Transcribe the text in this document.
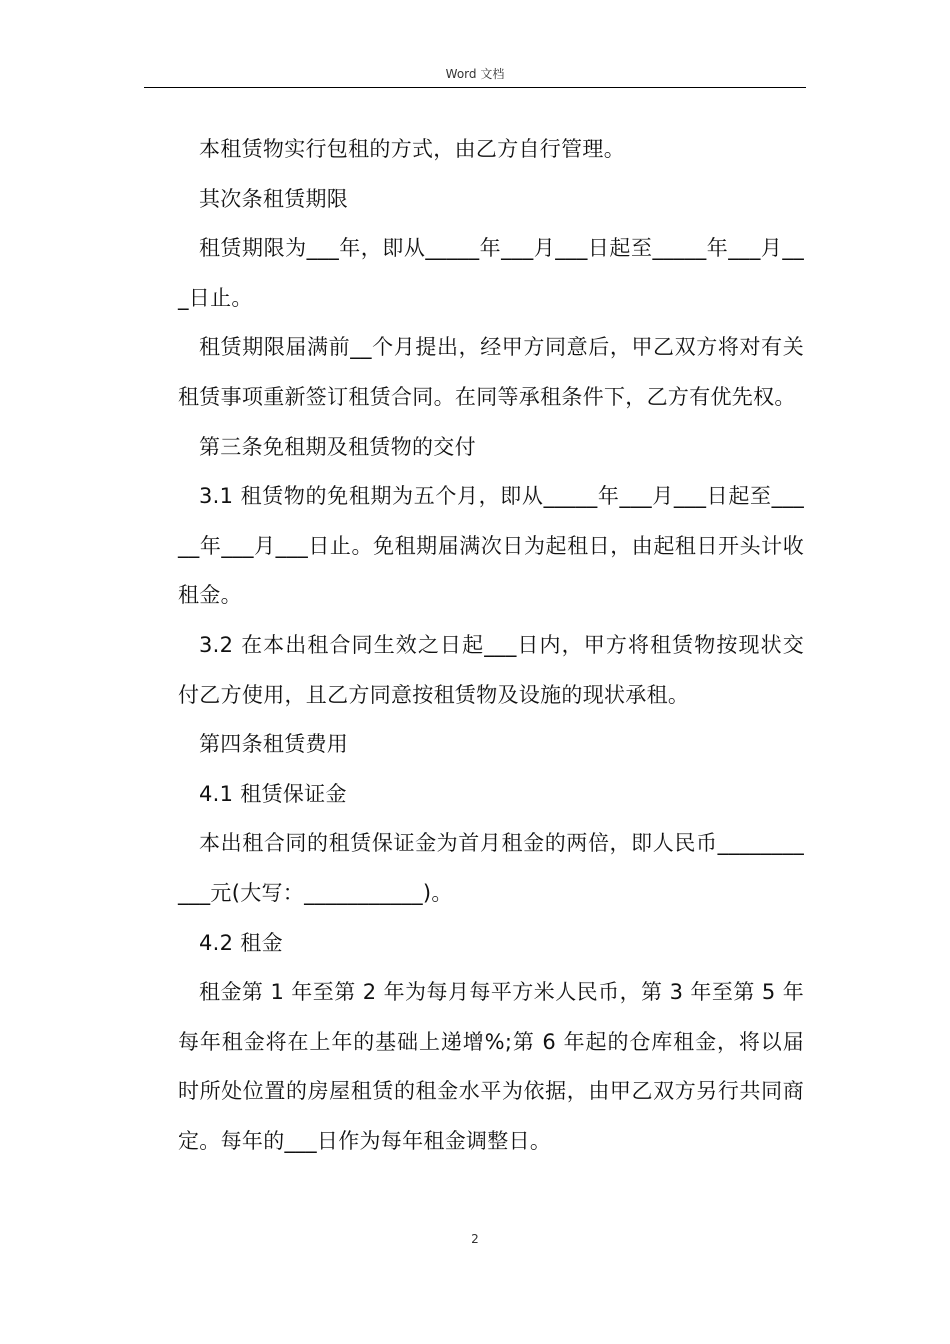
Word 文档

本租赁物实行包租的方式，由乙方自行管理。

其次条租赁期限

租赁期限为___年，即从_____年___月___日起至_____年___月___日止。

租赁期限届满前__个月提出，经甲方同意后，甲乙双方将对有关租赁事项重新签订租赁合同。在同等承租条件下，乙方有优先权。

第三条免租期及租赁物的交付

3.1 租赁物的免租期为五个月，即从_____年___月___日起至_____年___月___日止。免租期届满次日为起租日，由起租日开头计收租金。

3.2 在本出租合同生效之日起___日内，甲方将租赁物按现状交付乙方使用，且乙方同意按租赁物及设施的现状承租。

第四条租赁费用

4.1 租赁保证金

本出租合同的租赁保证金为首月租金的两倍，即人民币___________元(大写：___________)。

4.2 租金

租金第 1 年至第 2 年为每月每平方米人民币，第 3 年至第 5 年每年租金将在上年的基础上递增%;第 6 年起的仓库租金，将以届时所处位置的房屋租赁的租金水平为依据，由甲乙双方另行共同商定。每年的___日作为每年租金调整日。

2
